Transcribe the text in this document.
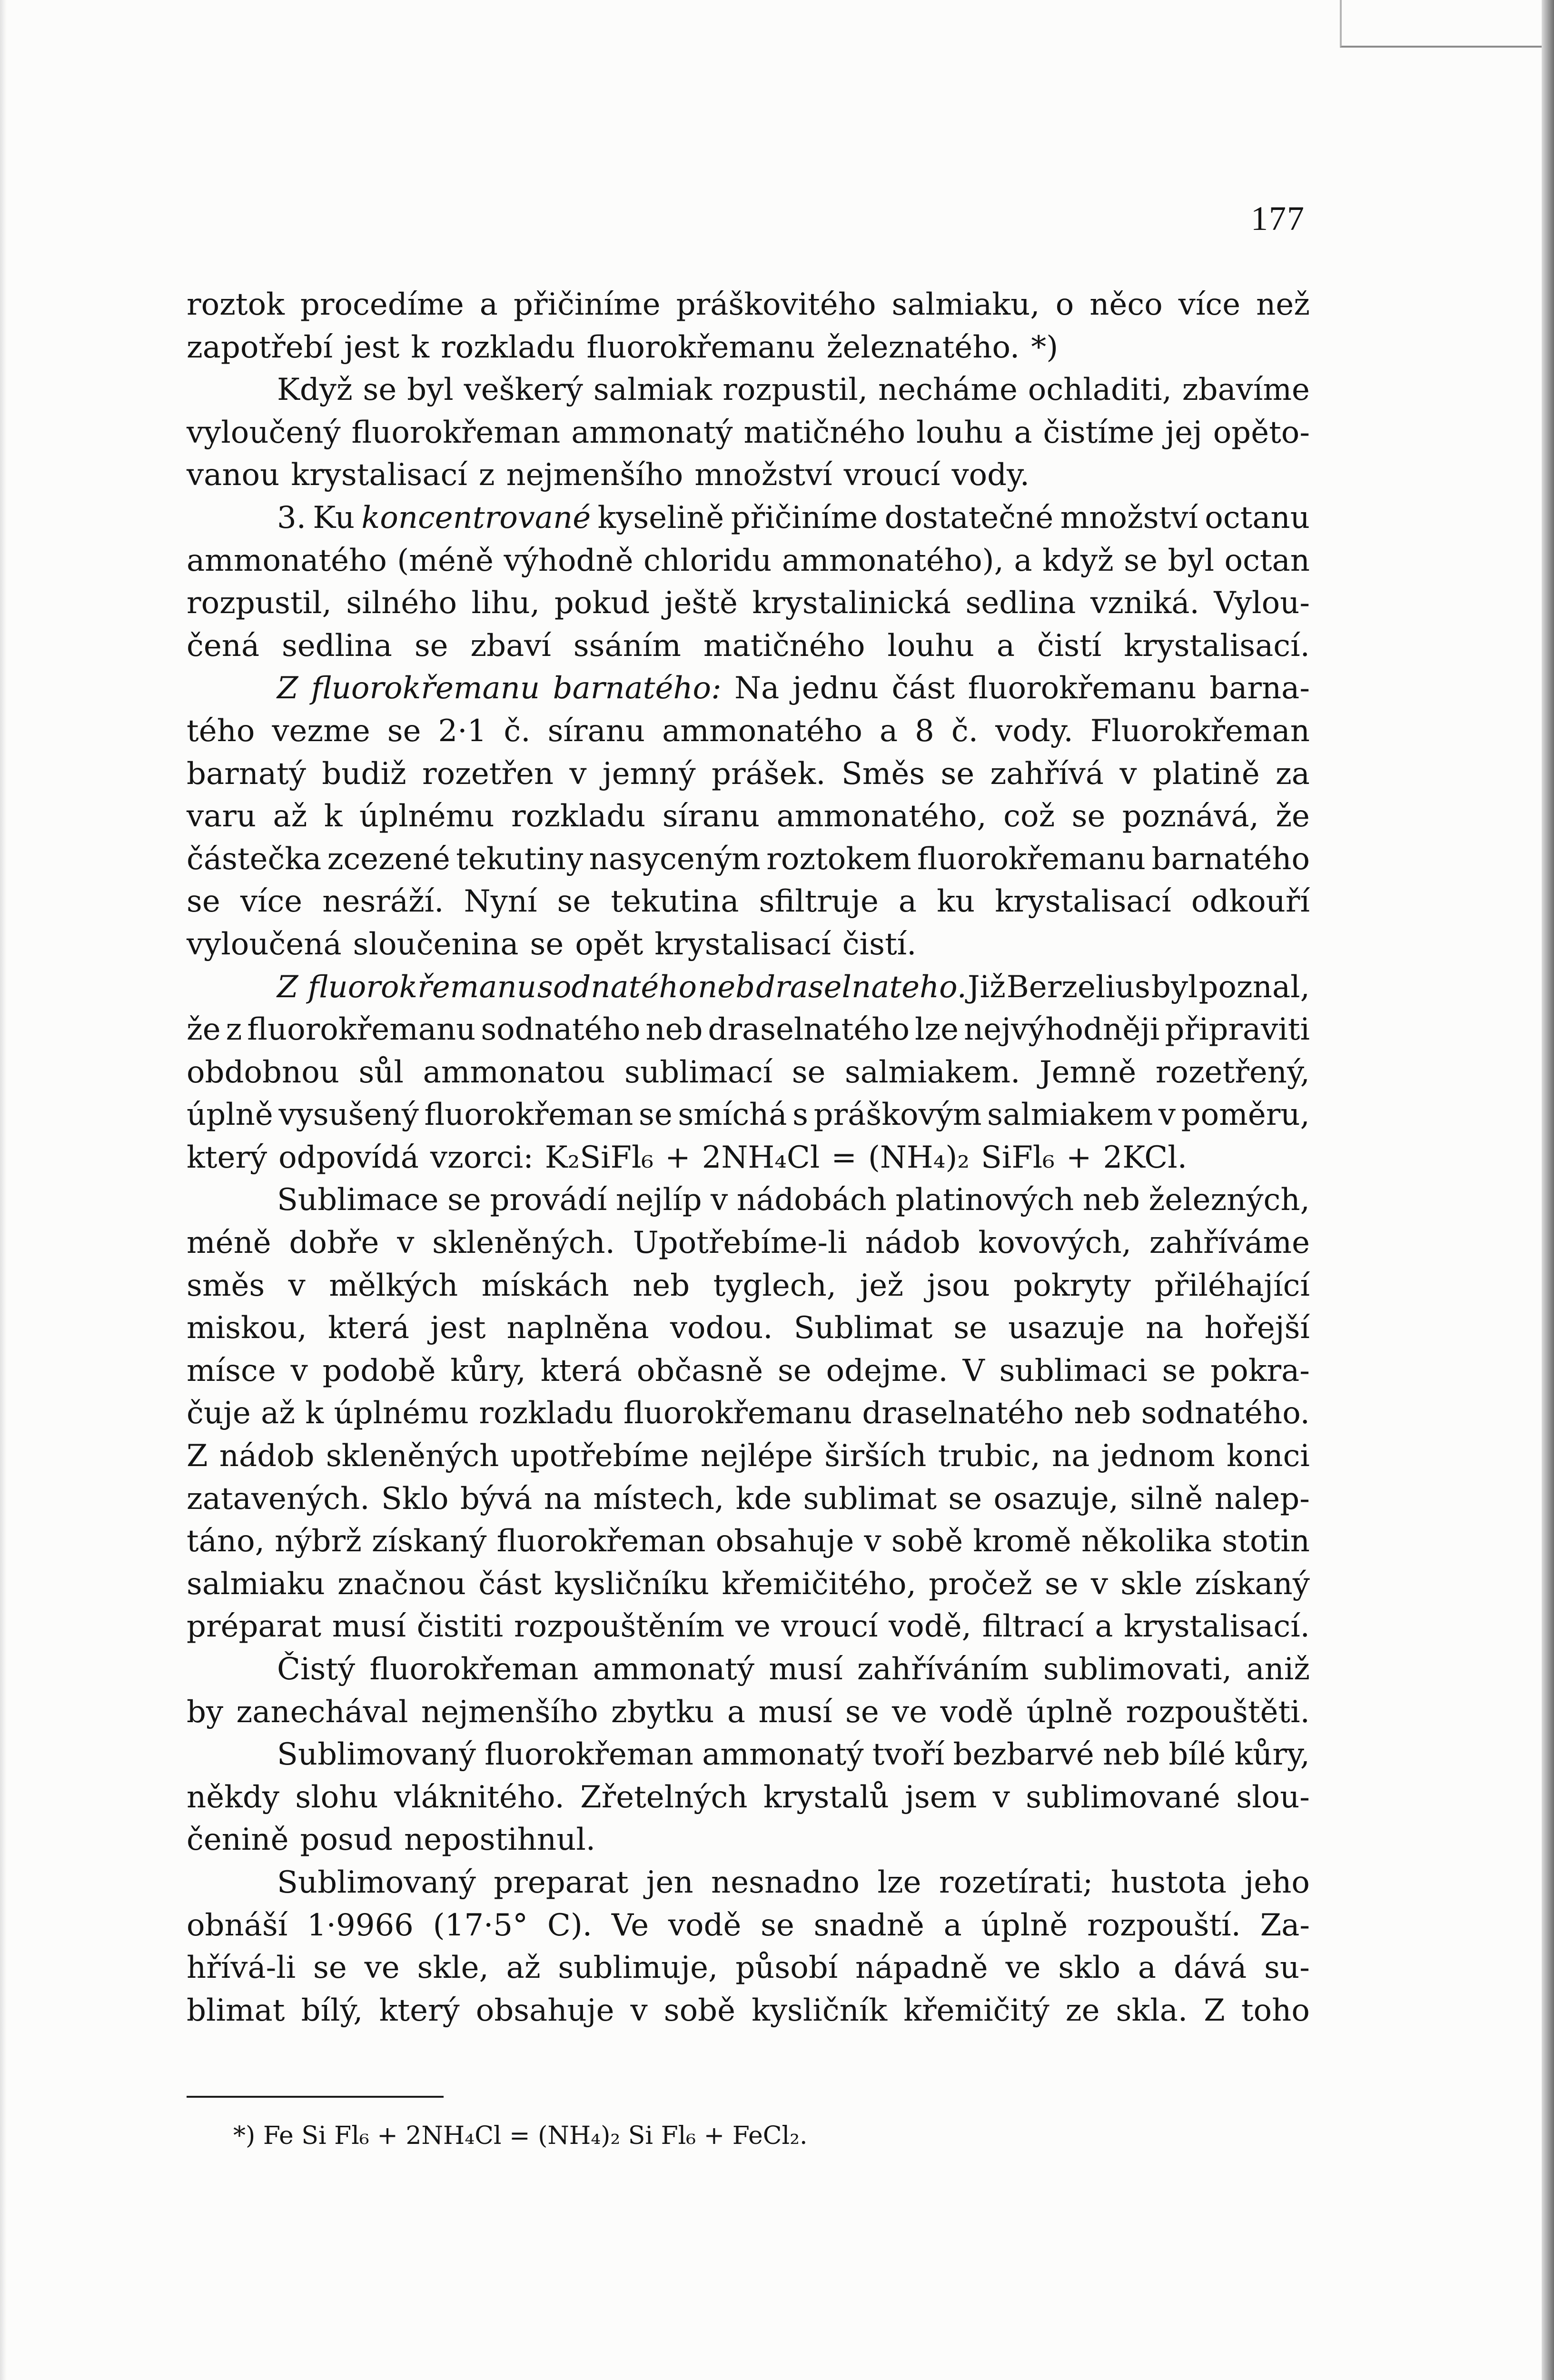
177
roztok procedíme a přičiníme práškovitého salmiaku, o něco více než
zapotřebí jest k rozkladu fluorokřemanu železnatého. *)
Když se byl veškerý salmiak rozpustil, necháme ochladiti, zbavíme
vyloučený fluorokřeman ammonatý matičného louhu a čistíme jej opěto-
vanou krystalisací z nejmenšího množství vroucí vody.
3. Ku koncentrované kyselině přičiníme dostatečné množství octanu
ammonatého (méně výhodně chloridu ammonatého), a když se byl octan
rozpustil, silného lihu, pokud ještě krystalinická sedlina vzniká. Vylou-
čená sedlina se zbaví ssáním matičného louhu a čistí krystalisací.
Z fluorokřemanu barnatého: Na jednu část fluorokřemanu barna-
tého vezme se 2·1 č. síranu ammonatého a 8 č. vody. Fluorokřeman
barnatý budiž rozetřen v jemný prášek. Směs se zahřívá v platině za
varu až k úplnému rozkladu síranu ammonatého, což se poznává, že
částečka zcezené tekutiny nasyceným roztokem fluorokřemanu barnatého
se více nesráží. Nyní se tekutina sfiltruje a ku krystalisací odkouří
vyloučená sloučenina se opět krystalisací čistí.
Z fluorokřemanu sodnatého neb draselnateho. Již Berzelius byl poznal,
že z fluorokřemanu sodnatého neb draselnatého lze nejvýhodněji připraviti
obdobnou sůl ammonatou sublimací se salmiakem. Jemně rozetřený,
úplně vysušený fluorokřeman se smíchá s práškovým salmiakem v poměru,
který odpovídá vzorci: K₂SiFl₆ + 2NH₄Cl = (NH₄)₂ SiFl₆ + 2KCl.
Sublimace se provádí nejlíp v nádobách platinových neb železných,
méně dobře v skleněných. Upotřebíme-li nádob kovových, zahříváme
směs v mělkých mískách neb tyglech, jež jsou pokryty přiléhající
miskou, která jest naplněna vodou. Sublimat se usazuje na hořejší
mísce v podobě kůry, která občasně se odejme. V sublimaci se pokra-
čuje až k úplnému rozkladu fluorokřemanu draselnatého neb sodnatého.
Z nádob skleněných upotřebíme nejlépe širších trubic, na jednom konci
zatavených. Sklo bývá na místech, kde sublimat se osazuje, silně nalep-
táno, nýbrž získaný fluorokřeman obsahuje v sobě kromě několika stotin
salmiaku značnou část kysličníku křemičitého, pročež se v skle získaný
préparat musí čistiti rozpouštěním ve vroucí vodě, filtrací a krystalisací.
Čistý fluorokřeman ammonatý musí zahříváním sublimovati, aniž
by zanechával nejmenšího zbytku a musí se ve vodě úplně rozpouštěti.
Sublimovaný fluorokřeman ammonatý tvoří bezbarvé neb bílé kůry,
někdy slohu vláknitého. Zřetelných krystalů jsem v sublimované slou-
čenině posud nepostihnul.
Sublimovaný preparat jen nesnadno lze rozetírati; hustota jeho
obnáší 1·9966 (17·5° C). Ve vodě se snadně a úplně rozpouští. Za-
hřívá-li se ve skle, až sublimuje, působí nápadně ve sklo a dává su-
blimat bílý, který obsahuje v sobě kysličník křemičitý ze skla. Z toho
*) Fe Si Fl₆ + 2NH₄Cl = (NH₄)₂ Si Fl₆ + FeCl₂.
